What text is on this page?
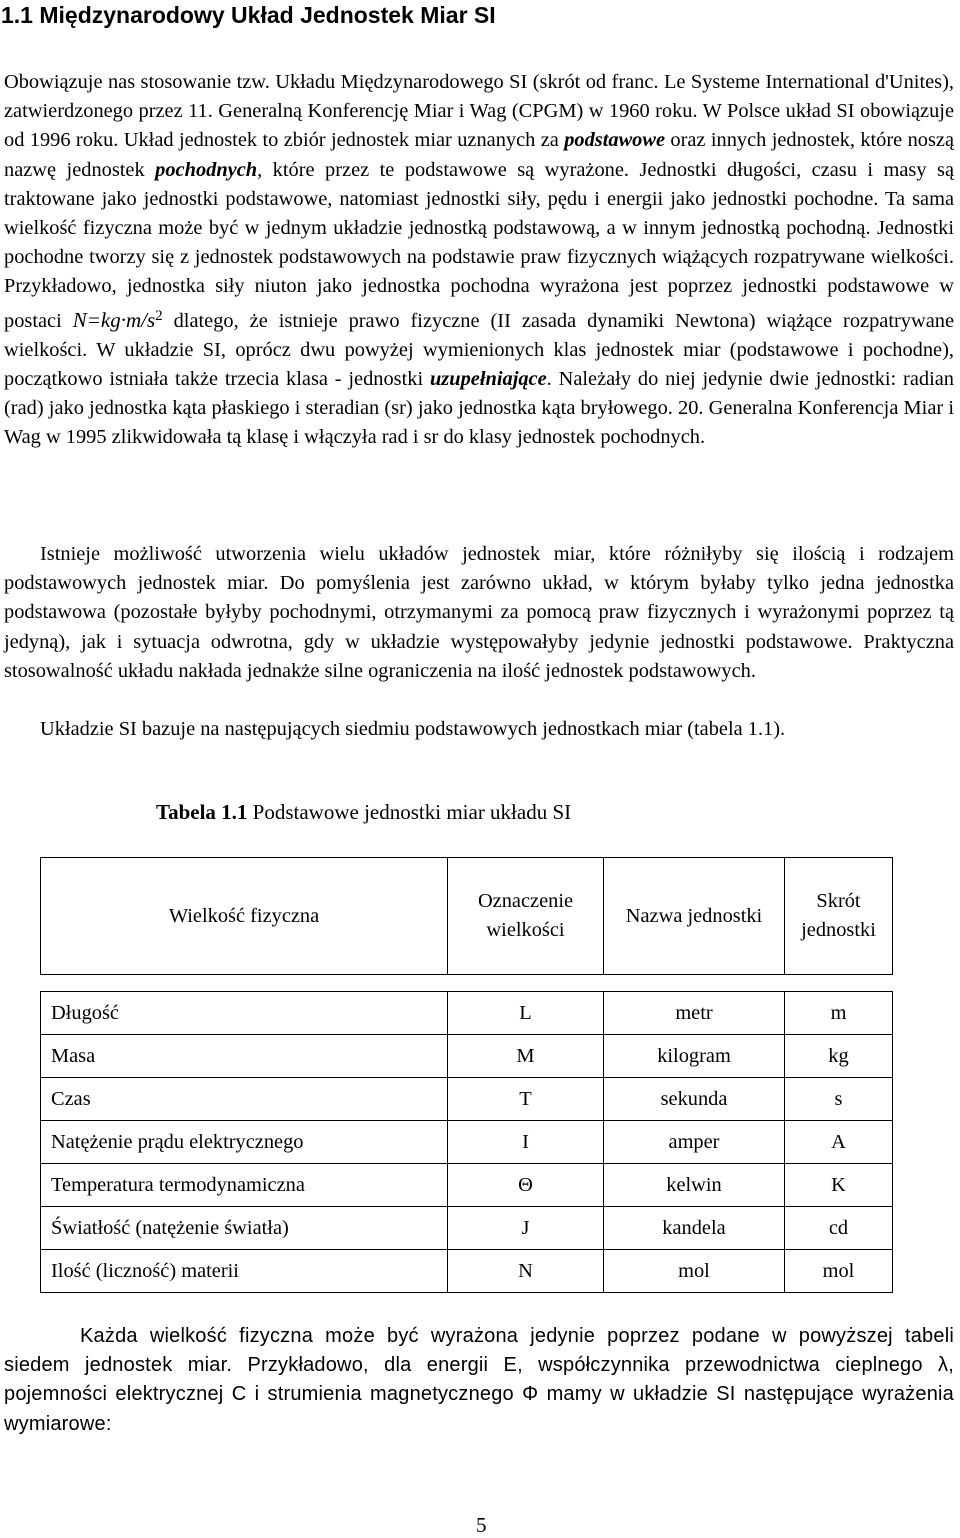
1.1 Międzynarodowy Układ Jednostek Miar SI

Obowiązuje nas stosowanie tzw. Układu Międzynarodowego SI (skrót od franc. Le Systeme International d'Unites), zatwierdzonego przez 11. Generalną Konferencję Miar i Wag (CPGM) w 1960 roku. W Polsce układ SI obowiązuje od 1996 roku. Układ jednostek to zbiór jednostek miar uznanych za podstawowe oraz innych jednostek, które noszą nazwę jednostek pochodnych, które przez te podstawowe są wyrażone. Jednostki długości, czasu i masy są traktowane jako jednostki podstawowe, natomiast jednostki siły, pędu i energii jako jednostki pochodne. Ta sama wielkość fizyczna może być w jednym układzie jednostką podstawową, a w innym jednostką pochodną. Jednostki pochodne tworzy się z jednostek podstawowych na podstawie praw fizycznych wiążących rozpatrywane wielkości. Przykładowo, jednostka siły niuton jako jednostka pochodna wyrażona jest poprzez jednostki podstawowe w postaci $N=kg\cdot m/s^2$ dlatego, że istnieje prawo fizyczne (II zasada dynamiki Newtona) wiążące rozpatrywane wielkości. W układzie SI, oprócz dwu powyżej wymienionych klas jednostek miar (podstawowe i pochodne), początkowo istniała także trzecia klasa - jednostki uzupełniające. Należały do niej jedynie dwie jednostki: radian (rad) jako jednostka kąta płaskiego i steradian (sr) jako jednostka kąta bryłowego. 20. Generalna Konferencja Miar i Wag w 1995 zlikwidowała tą klasę i włączyła rad i sr do klasy jednostek pochodnych.

Istnieje możliwość utworzenia wielu układów jednostek miar, które różniłyby się ilością i rodzajem podstawowych jednostek miar. Do pomyślenia jest zarówno układ, w którym byłaby tylko jedna jednostka podstawowa (pozostałe byłyby pochodnymi, otrzymanymi za pomocą praw fizycznych i wyrażonymi poprzez tą jedyną), jak i sytuacja odwrotna, gdy w układzie występowałyby jedynie jednostki podstawowe. Praktyczna stosowalność układu nakłada jednakże silne ograniczenia na ilość jednostek podstawowych.

Układzie SI bazuje na następujących siedmiu podstawowych jednostkach miar (tabela 1.1).

Tabela 1.1 Podstawowe jednostki miar układu SI
Wielkość fizyczna	Oznaczenie wielkości	Nazwa jednostki	Skrót jednostki

Długość	L	metr	m
Masa	M	kilogram	kg
Czas	T	sekunda	s
Natężenie prądu elektrycznego	I	amper	A
Temperatura termodynamiczna	Θ	kelwin	K
Światłość (natężenie światła)	J	kandela	cd
Ilość (liczność) materii	N	mol	mol

Każda wielkość fizyczna może być wyrażona jedynie poprzez podane w powyższej tabeli siedem jednostek miar. Przykładowo, dla energii E, współczynnika przewodnictwa cieplnego λ, pojemności elektrycznej C i strumienia magnetycznego Φ mamy w układzie SI następujące wyrażenia wymiarowe:

5
